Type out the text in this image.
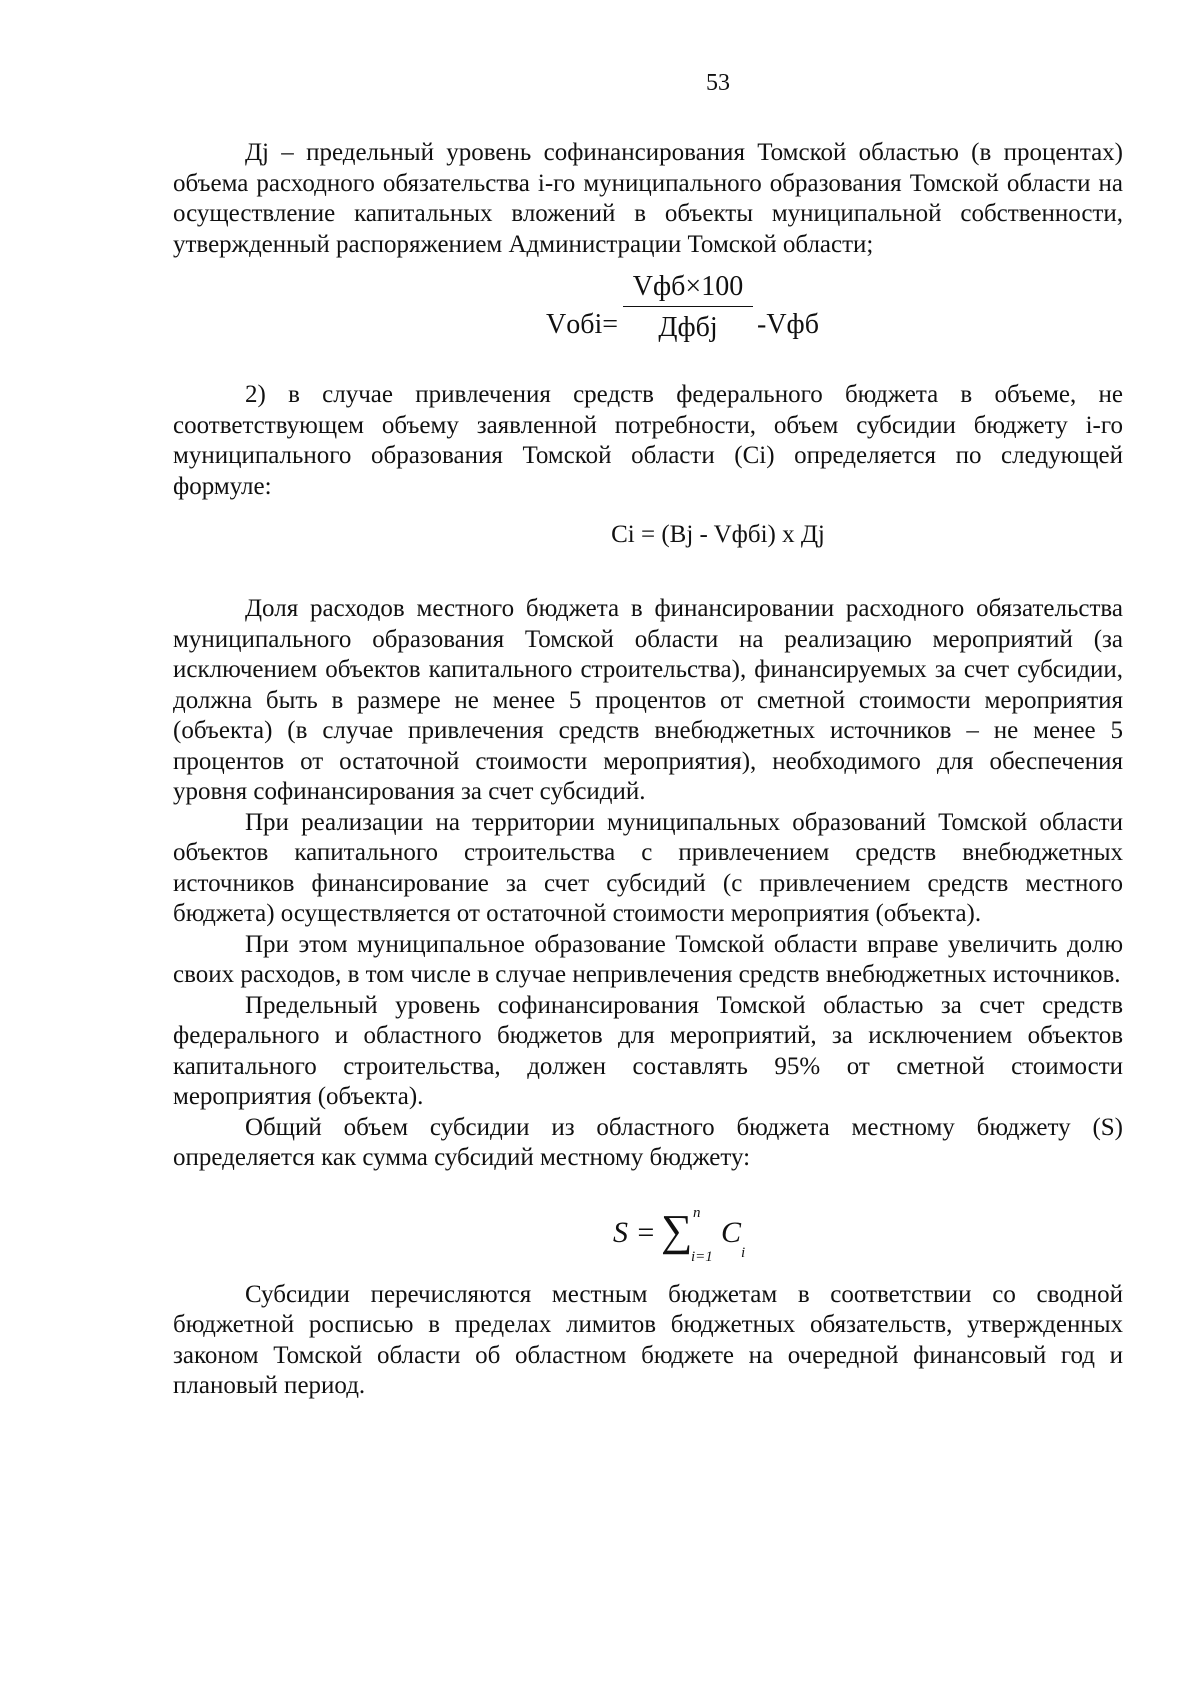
53

Дj – предельный уровень софинансирования Томской областью (в процентах) объема расходного обязательства i-го муниципального образования Томской области на осуществление капитальных вложений в объекты муниципальной собственности, утвержденный распоряжением Администрации Томской области;

Vобi=
Vфб×100
Дфбj	-Vфб

2) в случае привлечения средств федерального бюджета в объеме, не соответствующем объему заявленной потребности, объем субсидии бюджету i-го муниципального образования Томской области (Ci) определяется по следующей формуле:

Ci = (Bj - Vфбi) х Дj

Доля расходов местного бюджета в финансировании расходного обязательства муниципального образования Томской области на реализацию мероприятий (за исключением объектов капитального строительства), финансируемых за счет субсидии, должна быть в размере не менее 5 процентов от сметной стоимости мероприятия (объекта) (в случае привлечения средств внебюджетных источников – не менее 5 процентов от остаточной стоимости мероприятия), необходимого для обеспечения уровня софинансирования за счет субсидий.

При реализации на территории муниципальных образований Томской области объектов капитального строительства с привлечением средств внебюджетных источников финансирование за счет субсидий (с привлечением средств местного бюджета) осуществляется от остаточной стоимости мероприятия (объекта).

При этом муниципальное образование Томской области вправе увеличить долю своих расходов, в том числе в случае непривлечения средств внебюджетных источников.

Предельный уровень софинансирования Томской областью за счет средств федерального и областного бюджетов для мероприятий, за исключением объектов капитального строительства, должен составлять 95% от сметной стоимости мероприятия (объекта).

Общий объем субсидии из областного бюджета местному бюджету (S) определяется как сумма субсидий местному бюджету:

S = ∑ n
i=1
C
i

Субсидии перечисляются местным бюджетам в соответствии со сводной бюджетной росписью в пределах лимитов бюджетных обязательств, утвержденных законом Томской области об областном бюджете на очередной финансовый год и плановый период.
